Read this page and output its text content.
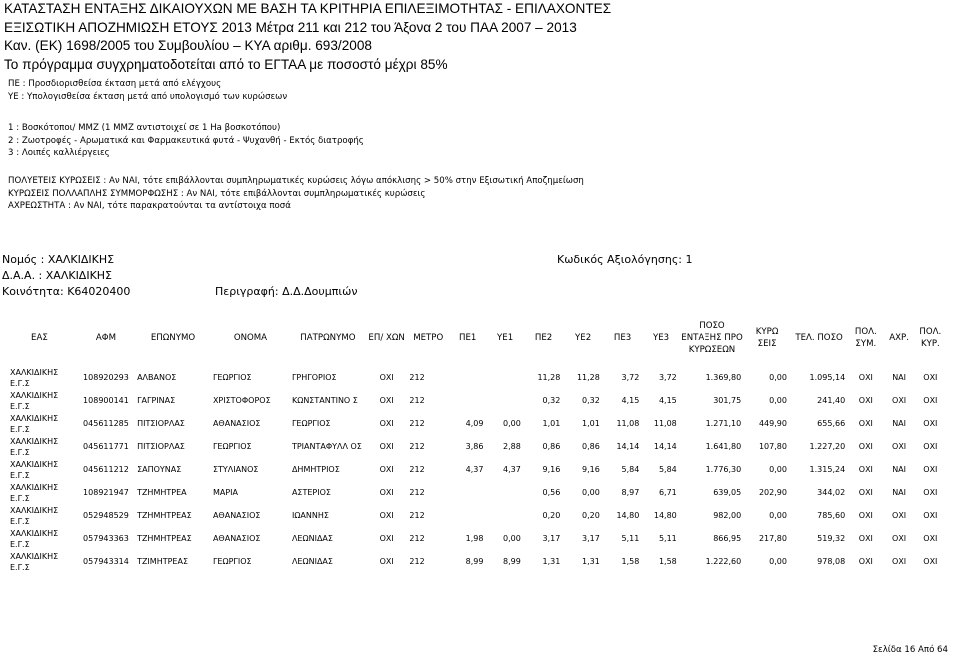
ΚΑΤΑΣΤΑΣΗ ΕΝΤΑΞΗΣ ΔΙΚΑΙΟΥΧΩΝ ΜΕ ΒΑΣΗ ΤΑ ΚΡΙΤΗΡΙΑ ΕΠΙΛΕΞΙΜΟΤΗΤΑΣ - ΕΠΙΛΑΧΟΝΤΕΣ
ΕΞΙΣΩΤΙΚΗ ΑΠΟΖΗΜΙΩΣΗ ΕΤΟΥΣ 2013 Μέτρα 211 και 212 του Άξονα 2 του ΠΑΑ 2007 – 2013
Καν. (ΕΚ) 1698/2005 του Συμβουλίου – ΚΥΑ αριθμ. 693/2008
Το πρόγραμμα συγχρηματοδοτείται από το ΕΓΤΑΑ με ποσοστό μέχρι 85%
ΠΕ : Προσδιορισθείσα έκταση μετά από ελέγχους
ΥΕ : Υπολογισθείσα έκταση μετά από υπολογισμό των κυρώσεων
1 : Βοσκότοποι/ ΜΜΖ (1 ΜΜΖ αντιστοιχεί σε 1 Ha βοσκοτόπου)
2 : Ζωοτροφές - Αρωματικά και Φαρμακευτικά φυτά - Ψυχανθή - Εκτός διατροφής
3 : Λοιπές καλλιέργειες
ΠΟΛΥΕΤΕΙΣ ΚΥΡΩΣΕΙΣ : Αν ΝΑΙ, τότε επιβάλλονται συμπληρωματικές κυρώσεις λόγω απόκλισης > 50% στην Εξισωτική Αποζημείωση
ΚΥΡΩΣΕΙΣ ΠΟΛΛΑΠΛΗΣ ΣΥΜΜΟΡΦΩΣΗΣ : Αν ΝΑΙ, τότε επιβάλλονται συμπληρωματικές κυρώσεις
ΑΧΡΕΩΣΤΗΤΑ : Αν ΝΑΙ, τότε παρακρατούνται τα αντίστοιχα ποσά
Νομός : ΧΑΛΚΙΔΙΚΗΣ	Κωδικός Αξιολόγησης: 1
Δ.Α.Α. : ΧΑΛΚΙΔΙΚΗΣ
Κοινότητα: K64020400	Περιγραφή: Δ.Δ.Δουμπιών
ΕΑΣ	ΑΦΜ	ΕΠΩΝΥΜΟ	ΟΝΟΜΑ	ΠΑΤΡΩΝΥΜΟ	ΕΠ/ ΧΩΝ	ΜΕΤΡΟ	ΠΕ1	ΥΕ1	ΠΕ2	ΥΕ2	ΠΕ3	ΥΕ3	ΠΟΣΟ ΕΝΤΑΞΗΣ ΠΡΟ ΚΥΡΩΣΕΩΝ	ΚΥΡΩ ΣΕΙΣ	ΤΕΛ. ΠΟΣΟ	ΠΟΛ. ΣΥΜ.	ΑΧΡ.	ΠΟΛ. ΚΥΡ.
ΧΑΛΚΙΔΙΚΗΣ Ε.Γ.Σ	108920293	ΑΛΒΑΝΟΣ	ΓΕΩΡΓΙΟΣ	ΓΡΗΓΟΡΙΟΣ	ΟΧΙ	212			11,28	11,28	3,72	3,72	1.369,80	0,00	1.095,14	ΟΧΙ	ΝΑΙ	ΟΧΙ
ΧΑΛΚΙΔΙΚΗΣ Ε.Γ.Σ	108900141	ΓΑΓΡΙΝΑΣ	ΧΡΙΣΤΟΦΟΡΟΣ	ΚΩΝΣΤΑΝΤΙΝΟ Σ	ΟΧΙ	212			0,32	0,32	4,15	4,15	301,75	0,00	241,40	ΟΧΙ	ΟΧΙ	ΟΧΙ
ΧΑΛΚΙΔΙΚΗΣ Ε.Γ.Σ	045611285	ΠΙΤΣΙΟΡΛΑΣ	ΑΘΑΝΑΣΙΟΣ	ΓΕΩΡΓΙΟΣ	ΟΧΙ	212	4,09	0,00	1,01	1,01	11,08	11,08	1.271,10	449,90	655,66	ΟΧΙ	ΝΑΙ	ΟΧΙ
ΧΑΛΚΙΔΙΚΗΣ Ε.Γ.Σ	045611771	ΠΙΤΣΙΟΡΛΑΣ	ΓΕΩΡΓΙΟΣ	ΤΡΙΑΝΤΑΦΥΛΛ ΟΣ	ΟΧΙ	212	3,86	2,88	0,86	0,86	14,14	14,14	1.641,80	107,80	1.227,20	ΟΧΙ	ΟΧΙ	ΟΧΙ
ΧΑΛΚΙΔΙΚΗΣ Ε.Γ.Σ	045611212	ΣΑΠΟΥΝΑΣ	ΣΤΥΛΙΑΝΟΣ	ΔΗΜΗΤΡΙΟΣ	ΟΧΙ	212	4,37	4,37	9,16	9,16	5,84	5,84	1.776,30	0,00	1.315,24	ΟΧΙ	ΝΑΙ	ΟΧΙ
ΧΑΛΚΙΔΙΚΗΣ Ε.Γ.Σ	108921947	ΤΖΗΜΗΤΡΕΑ	ΜΑΡΙΑ	ΑΣΤΕΡΙΟΣ	ΟΧΙ	212			0,56	0,00	8,97	6,71	639,05	202,90	344,02	ΟΧΙ	ΝΑΙ	ΟΧΙ
ΧΑΛΚΙΔΙΚΗΣ Ε.Γ.Σ	052948529	ΤΖΗΜΗΤΡΕΑΣ	ΑΘΑΝΑΣΙΟΣ	ΙΩΑΝΝΗΣ	ΟΧΙ	212			0,20	0,20	14,80	14,80	982,00	0,00	785,60	ΟΧΙ	ΟΧΙ	ΟΧΙ
ΧΑΛΚΙΔΙΚΗΣ Ε.Γ.Σ	057943363	ΤΖΗΜΗΤΡΕΑΣ	ΑΘΑΝΑΣΙΟΣ	ΛΕΩΝΙΔΑΣ	ΟΧΙ	212	1,98	0,00	3,17	3,17	5,11	5,11	866,95	217,80	519,32	ΟΧΙ	ΟΧΙ	ΟΧΙ
ΧΑΛΚΙΔΙΚΗΣ Ε.Γ.Σ	057943314	ΤΖΙΜΗΤΡΕΑΣ	ΓΕΩΡΓΙΟΣ	ΛΕΩΝΙΔΑΣ	ΟΧΙ	212	8,99	8,99	1,31	1,31	1,58	1,58	1.222,60	0,00	978,08	ΟΧΙ	ΟΧΙ	ΟΧΙ
Σελίδα 16 Από 64
